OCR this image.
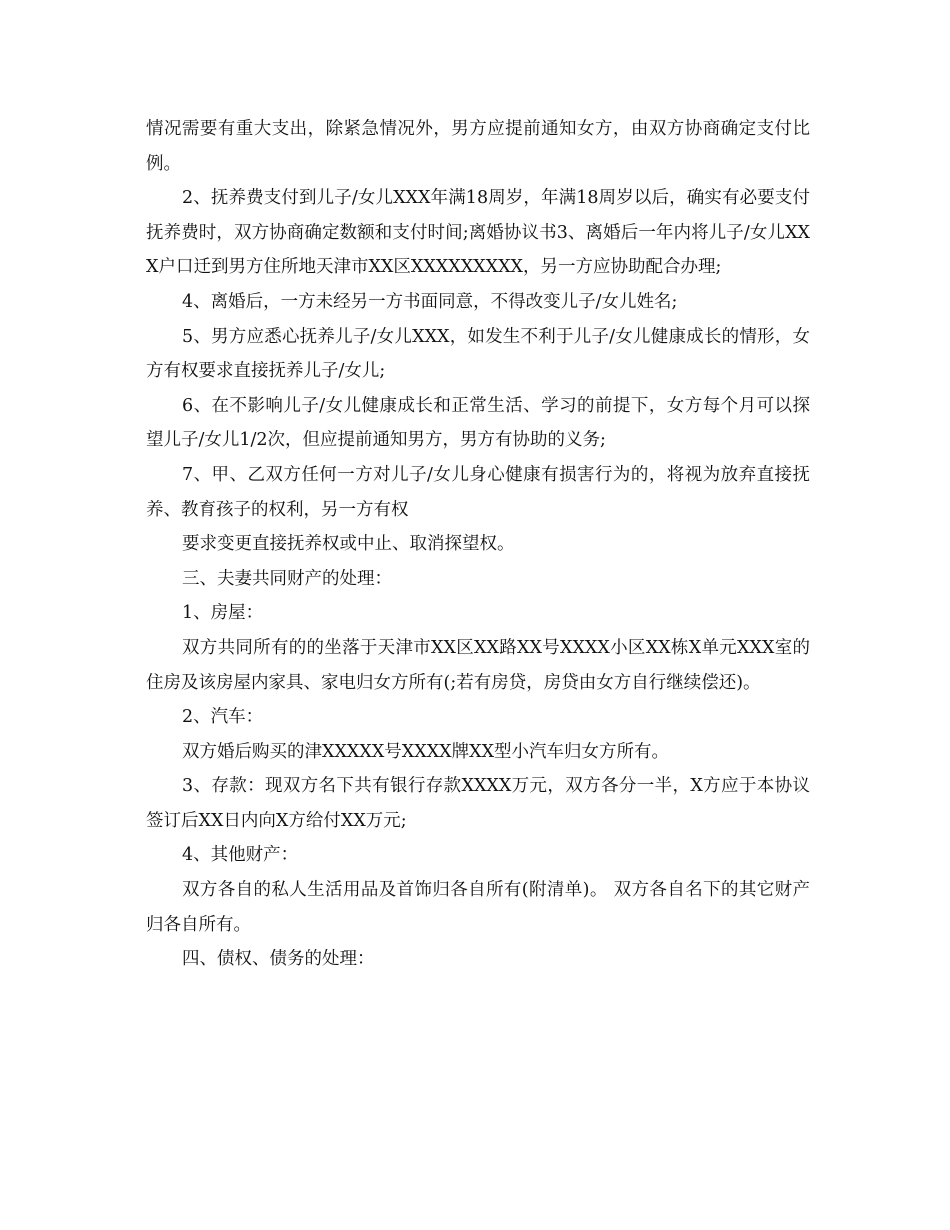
情况需要有重大支出，除紧急情况外，男方应提前通知女方，由双方协商确定支付比例。

2、抚养费支付到儿子/女儿XXX年满18周岁，年满18周岁以后，确实有必要支付抚养费时，双方协商确定数额和支付时间;离婚协议书3、离婚后一年内将儿子/女儿XXX户口迁到男方住所地天津市XX区XXXXXXXXX，另一方应协助配合办理;

4、离婚后，一方未经另一方书面同意，不得改变儿子/女儿姓名;

5、男方应悉心抚养儿子/女儿XXX，如发生不利于儿子/女儿健康成长的情形，女方有权要求直接抚养儿子/女儿;

6、在不影响儿子/女儿健康成长和正常生活、学习的前提下，女方每个月可以探望儿子/女儿1/2次，但应提前通知男方，男方有协助的义务;

7、甲、乙双方任何一方对儿子/女儿身心健康有损害行为的，将视为放弃直接抚养、教育孩子的权利，另一方有权

要求变更直接抚养权或中止、取消探望权。

三、夫妻共同财产的处理：

1、房屋：

双方共同所有的的坐落于天津市XX区XX路XX号XXXX小区XX栋X单元XXX室的住房及该房屋内家具、家电归女方所有(;若有房贷，房贷由女方自行继续偿还)。

2、汽车：

双方婚后购买的津XXXXX号XXXX牌XX型小汽车归女方所有。

3、存款：现双方名下共有银行存款XXXX万元，双方各分一半，X方应于本协议签订后XX日内向X方给付XX万元;

4、其他财产：

双方各自的私人生活用品及首饰归各自所有(附清单)。 双方各自名下的其它财产归各自所有。

四、债权、债务的处理：
